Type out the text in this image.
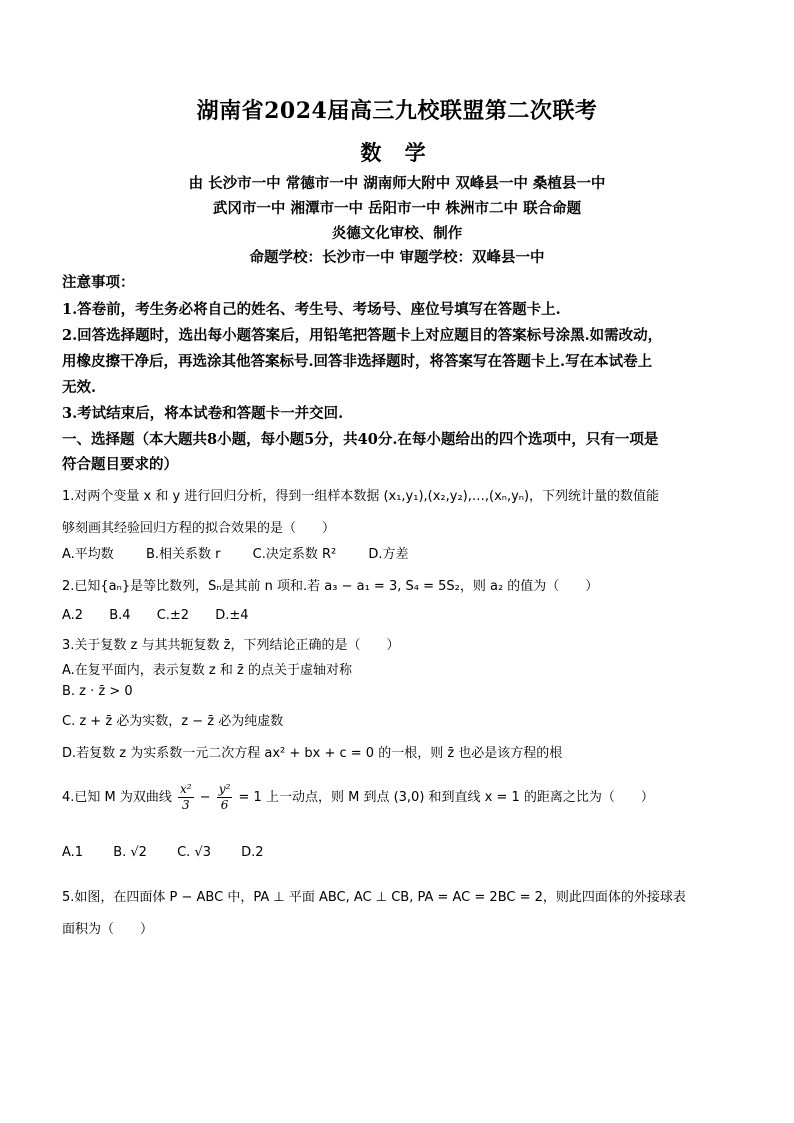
湖南省2024届高三九校联盟第二次联考
数 学
由 长沙市一中 常德市一中 湖南师大附中 双峰县一中 桑植县一中
武冈市一中 湘潭市一中 岳阳市一中 株洲市二中 联合命题
炎德文化审校、制作
命题学校：长沙市一中 审题学校：双峰县一中
注意事项：
1.答卷前，考生务必将自己的姓名、考生号、考场号、座位号填写在答题卡上.
2.回答选择题时，选出每小题答案后，用铅笔把答题卡上对应题目的答案标号涂黑.如需改动，
用橡皮擦干净后，再选涂其他答案标号.回答非选择题时，将答案写在答题卡上.写在本试卷上
无效.
3.考试结束后，将本试卷和答题卡一并交回.
一、选择题（本大题共8小题，每小题5分，共40分.在每小题给出的四个选项中，只有一项是
符合题目要求的）
1.对两个变量 x 和 y 进行回归分析，得到一组样本数据 (x₁,y₁),(x₂,y₂),…,(xₙ,yₙ)，下列统计量的数值能
够刻画其经验回归方程的拟合效果的是（　　）
A.平均数 B.相关系数 r C.决定系数 R² D.方差
2.已知{aₙ}是等比数列，Sₙ是其前 n 项和.若 a₃ − a₁ = 3, S₄ = 5S₂，则 a₂ 的值为（　　）
A.2 B.4 C.±2 D.±4
3.关于复数 z 与其共轭复数 z̄，下列结论正确的是（　　）
A.在复平面内，表示复数 z 和 z̄ 的点关于虚轴对称
B. z · z̄ > 0
C. z + z̄ 必为实数，z − z̄ 必为纯虚数
D.若复数 z 为实系数一元二次方程 ax² + bx + c = 0 的一根，则 z̄ 也必是该方程的根
4.已知 M 为双曲线 $\frac{\text{x²}}{3} - \frac{\text{y²}}{6} = 1$ 上一动点，则 M 到点 (3,0) 和到直线 x = 1 的距离之比为（　　）
A.1 B. √2 C. √3 D.2
5.如图，在四面体 P − ABC 中，PA ⊥ 平面 ABC, AC ⊥ CB, PA = AC = 2BC = 2，则此四面体的外接球表
面积为（　　）
